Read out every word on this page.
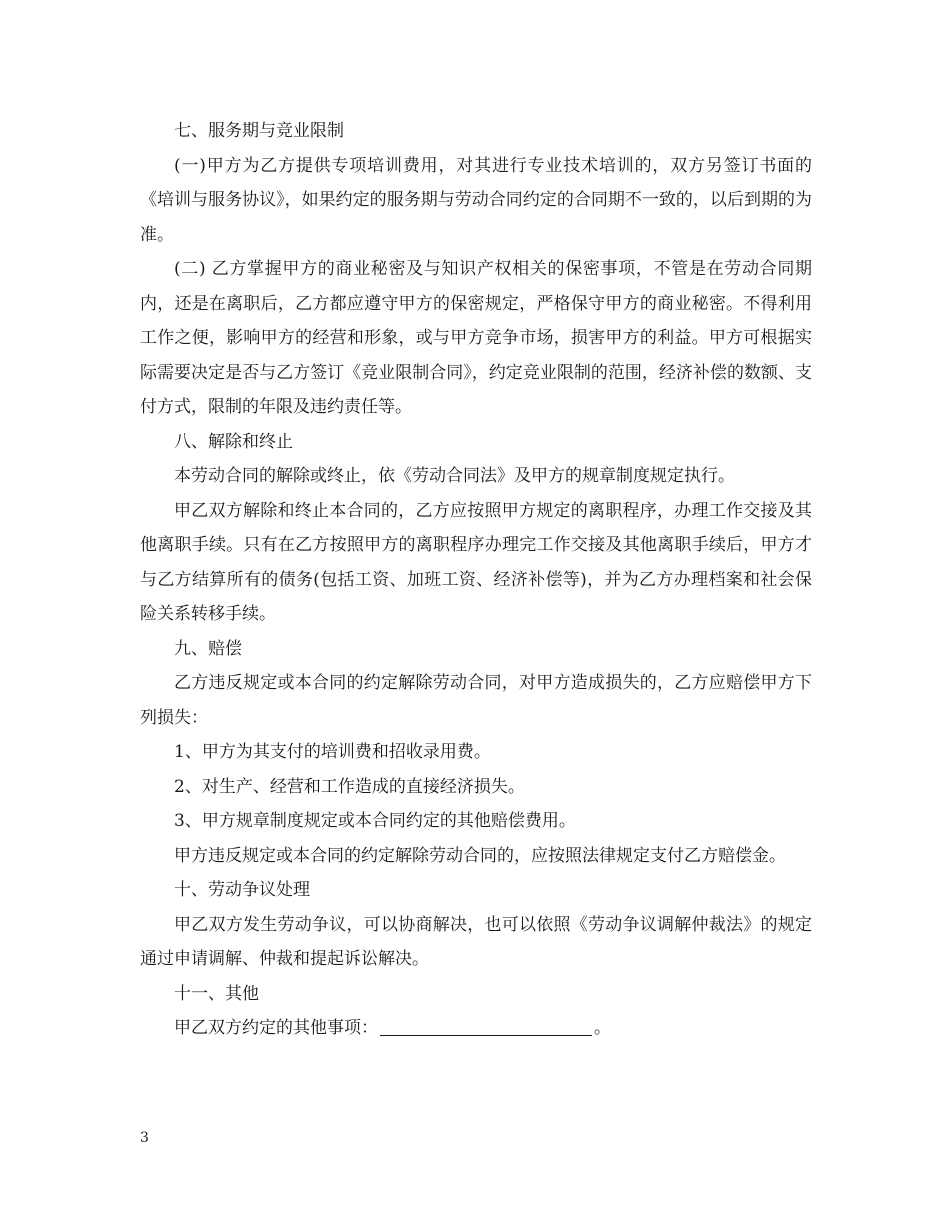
七、服务期与竞业限制

(一)甲方为乙方提供专项培训费用，对其进行专业技术培训的，双方另签订书面的《培训与服务协议》，如果约定的服务期与劳动合同约定的合同期不一致的，以后到期的为准。

(二) 乙方掌握甲方的商业秘密及与知识产权相关的保密事项，不管是在劳动合同期内，还是在离职后，乙方都应遵守甲方的保密规定，严格保守甲方的商业秘密。不得利用工作之便，影响甲方的经营和形象，或与甲方竞争市场，损害甲方的利益。甲方可根据实际需要决定是否与乙方签订《竞业限制合同》，约定竞业限制的范围，经济补偿的数额、支付方式，限制的年限及违约责任等。

八、解除和终止

本劳动合同的解除或终止，依《劳动合同法》及甲方的规章制度规定执行。

甲乙双方解除和终止本合同的，乙方应按照甲方规定的离职程序，办理工作交接及其他离职手续。只有在乙方按照甲方的离职程序办理完工作交接及其他离职手续后，甲方才与乙方结算所有的债务(包括工资、加班工资、经济补偿等)，并为乙方办理档案和社会保险关系转移手续。

九、赔偿

乙方违反规定或本合同的约定解除劳动合同，对甲方造成损失的，乙方应赔偿甲方下列损失：

1、甲方为其支付的培训费和招收录用费。

2、对生产、经营和工作造成的直接经济损失。

3、甲方规章制度规定或本合同约定的其他赔偿费用。

甲方违反规定或本合同的约定解除劳动合同的，应按照法律规定支付乙方赔偿金。

十、劳动争议处理

甲乙双方发生劳动争议，可以协商解决，也可以依照《劳动争议调解仲裁法》的规定通过申请调解、仲裁和提起诉讼解决。

十一、其他

甲乙双方约定的其他事项：	。

3
